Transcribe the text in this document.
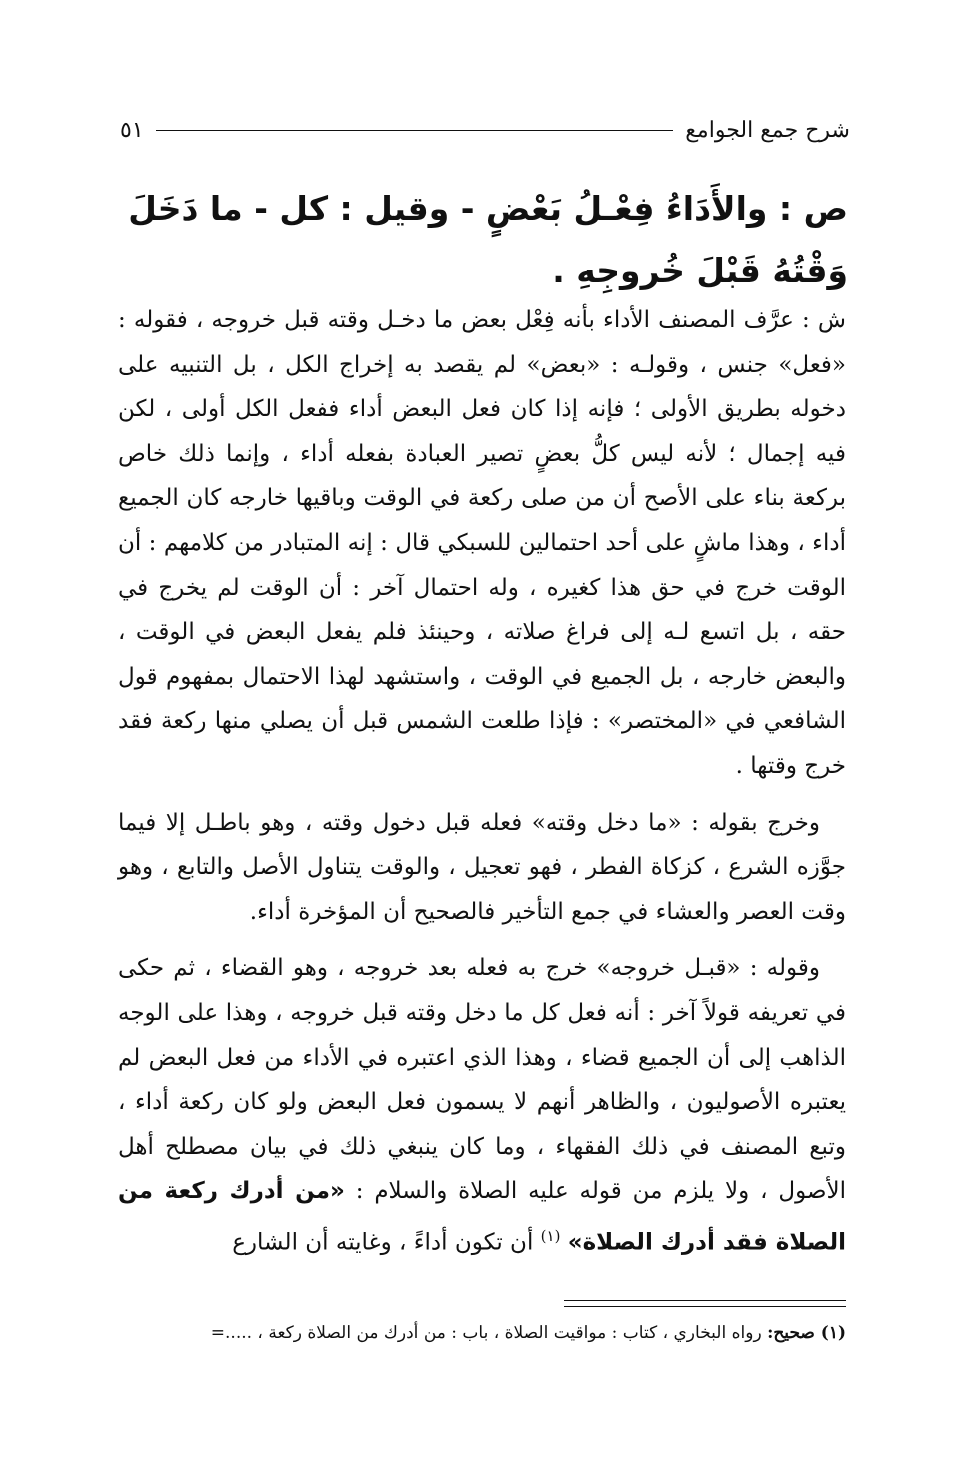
شرح جمع الجوامع
٥١

ص : والأَدَاءُ فِعْـلُ بَعْضٍ - وقيل : كل - ما دَخَلَ وَقْتُهُ قَبْلَ خُروجِهِ .

ش : عرَّف المصنف الأداء بأنه فِعْل بعض ما دخـل وقته قبل خروجه ، فقوله : «فعل» جنس ، وقولـه : «بعض» لم يقصد به إخراج الكل ، بل التنبيه على دخوله بطريق الأولى ؛ فإنه إذا كان فعل البعض أداء ففعل الكل أولى ، لكن فيه إجمال ؛ لأنه ليس كلُّ بعضٍ تصير العبادة بفعله أداء ، وإنما ذلك خاص بركعة بناء على الأصح أن من صلى ركعة في الوقت وباقيها خارجه كان الجميع أداء ، وهذا ماشٍ على أحد احتمالين للسبكي قال : إنه المتبادر من كلامهم : أن الوقت خرج في حق هذا كغيره ، وله احتمال آخر : أن الوقت لم يخرج في حقه ، بل اتسع لـه إلى فراغ صلاته ، وحينئذ فلم يفعل البعض في الوقت ، والبعض خارجه ، بل الجميع في الوقت ، واستشهد لهذا الاحتمال بمفهوم قول الشافعي في «المختصر» : فإذا طلعت الشمس قبل أن يصلي منها ركعة فقد خرج وقتها .

وخرج بقوله : «ما دخل وقته» فعله قبل دخول وقته ، وهو باطـل إلا فيما جوَّزه الشرع ، كزكاة الفطر ، فهو تعجيل ، والوقت يتناول الأصل والتابع ، وهو وقت العصر والعشاء في جمع التأخير فالصحيح أن المؤخرة أداء.

وقوله : «قبـل خروجه» خرج به فعله بعد خروجه ، وهو القضاء ، ثم حكى في تعريفه قولاً آخر : أنه فعل كل ما دخل وقته قبل خروجه ، وهذا على الوجه الذاهب إلى أن الجميع قضاء ، وهذا الذي اعتبره في الأداء من فعل البعض لم يعتبره الأصوليون ، والظاهر أنهم لا يسمون فعل البعض ولو كان ركعة أداء ، وتبع المصنف في ذلك الفقهاء ، وما كان ينبغي ذلك في بيان مصطلح أهل الأصول ، ولا يلزم من قوله عليه الصلاة والسلام : «من أدرك ركعة من الصلاة فقد أدرك الصلاة» $^{(١)}$ أن تكون أداءً ، وغايته أن الشارع

(١) صحيح: رواه البخاري ، كتاب : مواقيت الصلاة ، باب : من أدرك من الصلاة ركعة ، .....=
